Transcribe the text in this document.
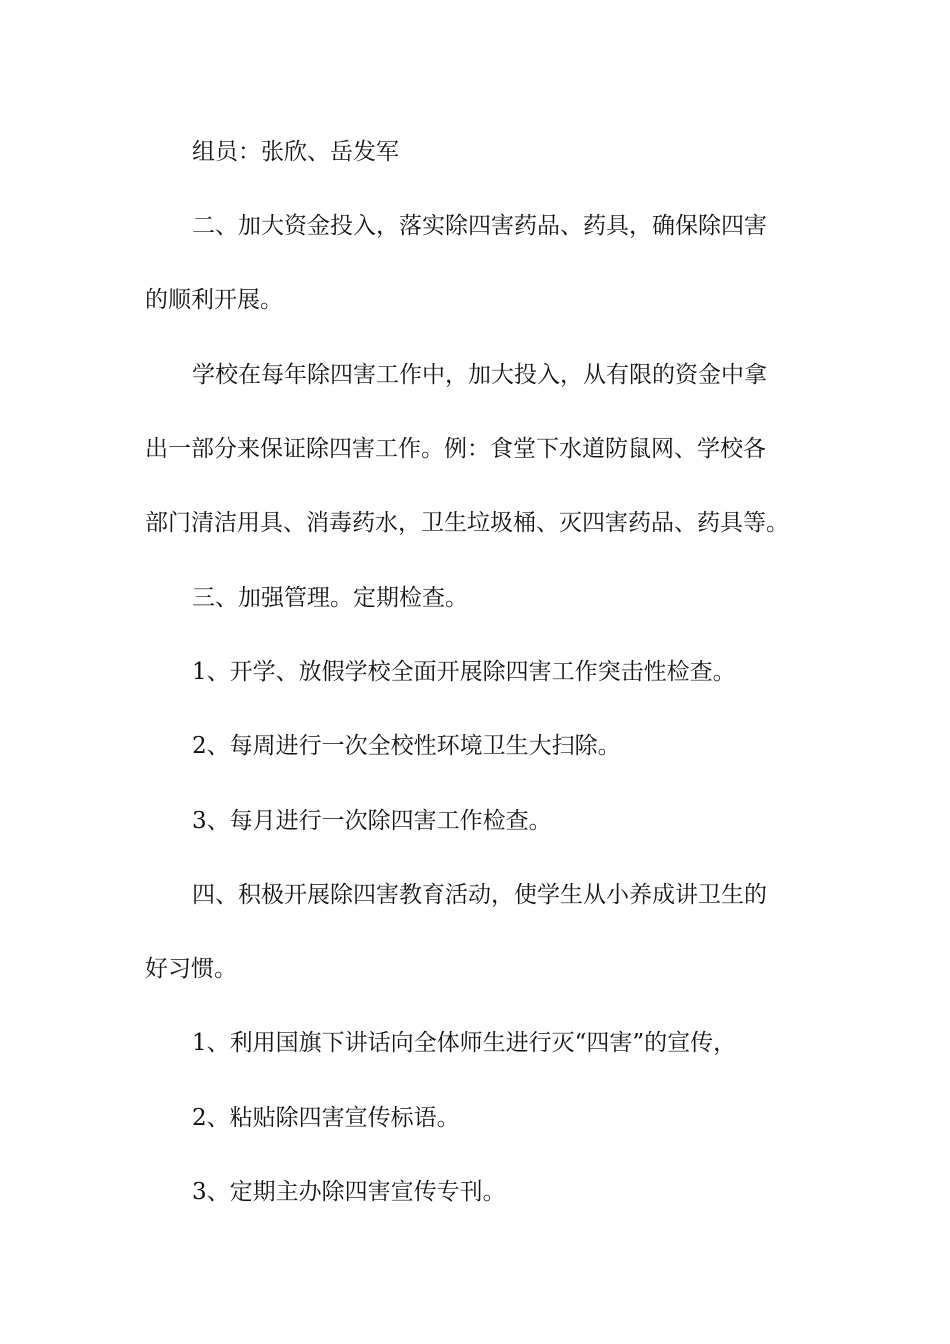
组员：张欣、岳发军
二、加大资金投入，落实除四害药品、药具，确保除四害
的顺利开展。
学校在每年除四害工作中，加大投入，从有限的资金中拿
出一部分来保证除四害工作。例：食堂下水道防鼠网、学校各
部门清洁用具、消毒药水，卫生垃圾桶、灭四害药品、药具等。
三、加强管理。定期检查。
1、开学、放假学校全面开展除四害工作突击性检查。
2、每周进行一次全校性环境卫生大扫除。
3、每月进行一次除四害工作检查。
四、积极开展除四害教育活动，使学生从小养成讲卫生的
好习惯。
1、利用国旗下讲话向全体师生进行灭“四害”的宣传，
2、粘贴除四害宣传标语。
3、定期主办除四害宣传专刊。
